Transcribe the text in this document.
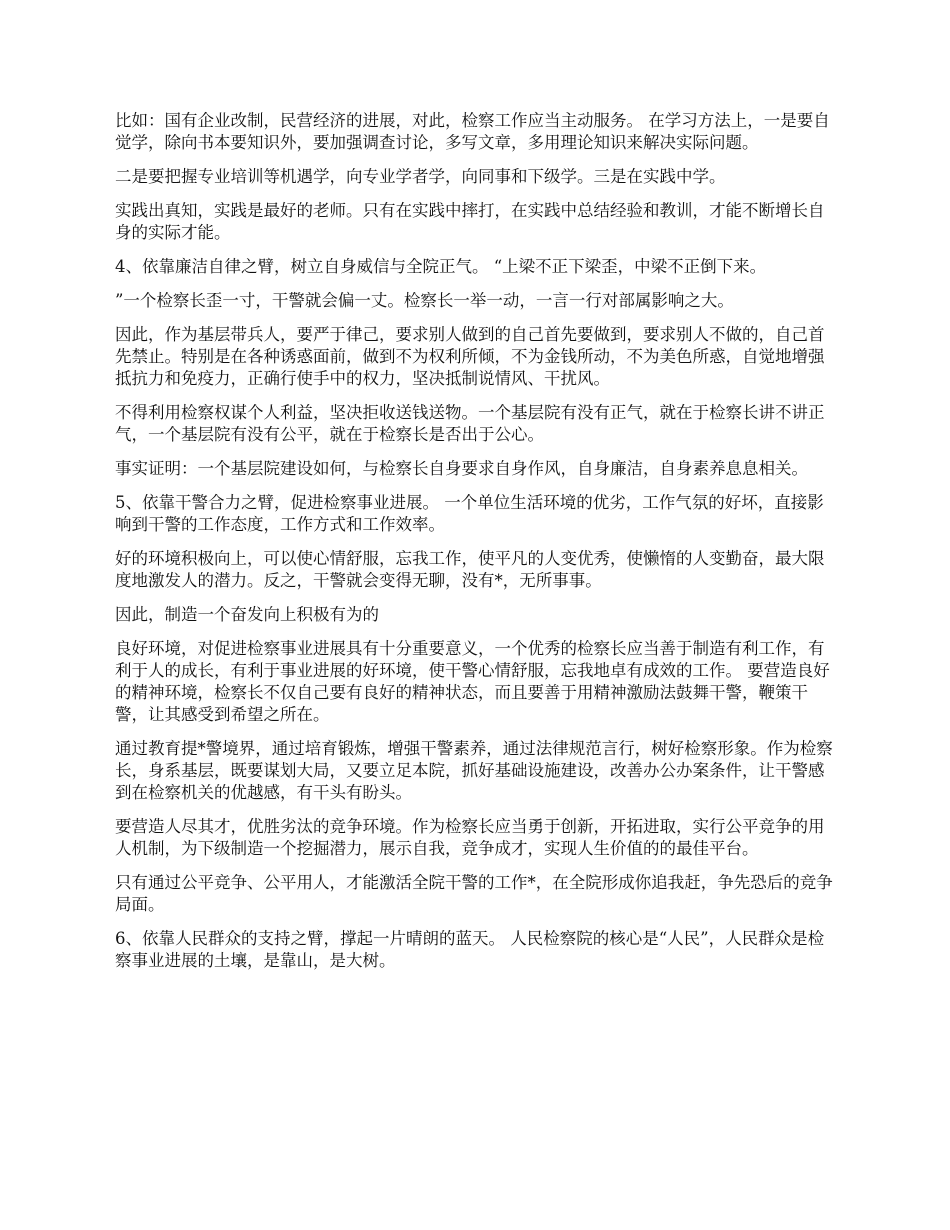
比如：国有企业改制，民营经济的进展，对此，检察工作应当主动服务。 在学习方法上，一是要自觉学，除向书本要知识外，要加强调查讨论，多写文章，多用理论知识来解决实际问题。

二是要把握专业培训等机遇学，向专业学者学，向同事和下级学。三是在实践中学。

实践出真知，实践是最好的老师。只有在实践中摔打，在实践中总结经验和教训，才能不断增长自身的实际才能。

4、依靠廉洁自律之臂，树立自身威信与全院正气。 “上梁不正下梁歪，中梁不正倒下来。

”一个检察长歪一寸，干警就会偏一丈。检察长一举一动，一言一行对部属影响之大。

因此，作为基层带兵人，要严于律己，要求别人做到的自己首先要做到，要求别人不做的，自己首先禁止。特别是在各种诱惑面前，做到不为权利所倾，不为金钱所动，不为美色所惑，自觉地增强抵抗力和免疫力，正确行使手中的权力，坚决抵制说情风、干扰风。

不得利用检察权谋个人利益，坚决拒收送钱送物。一个基层院有没有正气，就在于检察长讲不讲正气，一个基层院有没有公平，就在于检察长是否出于公心。

事实证明：一个基层院建设如何，与检察长自身要求自身作风，自身廉洁，自身素养息息相关。

5、依靠干警合力之臂，促进检察事业进展。 一个单位生活环境的优劣，工作气氛的好坏，直接影响到干警的工作态度，工作方式和工作效率。

好的环境积极向上，可以使心情舒服，忘我工作，使平凡的人变优秀，使懒惰的人变勤奋，最大限度地激发人的潜力。反之，干警就会变得无聊，没有*，无所事事。

因此，制造一个奋发向上积极有为的

良好环境，对促进检察事业进展具有十分重要意义，一个优秀的检察长应当善于制造有利工作，有利于人的成长，有利于事业进展的好环境，使干警心情舒服，忘我地卓有成效的工作。 要营造良好的精神环境，检察长不仅自己要有良好的精神状态，而且要善于用精神激励法鼓舞干警，鞭策干警，让其感受到希望之所在。

通过教育提*警境界，通过培育锻炼，增强干警素养，通过法律规范言行，树好检察形象。作为检察长，身系基层，既要谋划大局，又要立足本院，抓好基础设施建设，改善办公办案条件，让干警感到在检察机关的优越感，有干头有盼头。

要营造人尽其才，优胜劣汰的竞争环境。作为检察长应当勇于创新，开拓进取，实行公平竞争的用人机制，为下级制造一个挖掘潜力，展示自我，竞争成才，实现人生价值的的最佳平台。

只有通过公平竞争、公平用人，才能激活全院干警的工作*，在全院形成你追我赶，争先恐后的竞争局面。

6、依靠人民群众的支持之臂，撑起一片晴朗的蓝天。 人民检察院的核心是“人民”，人民群众是检察事业进展的土壤，是靠山，是大树。
